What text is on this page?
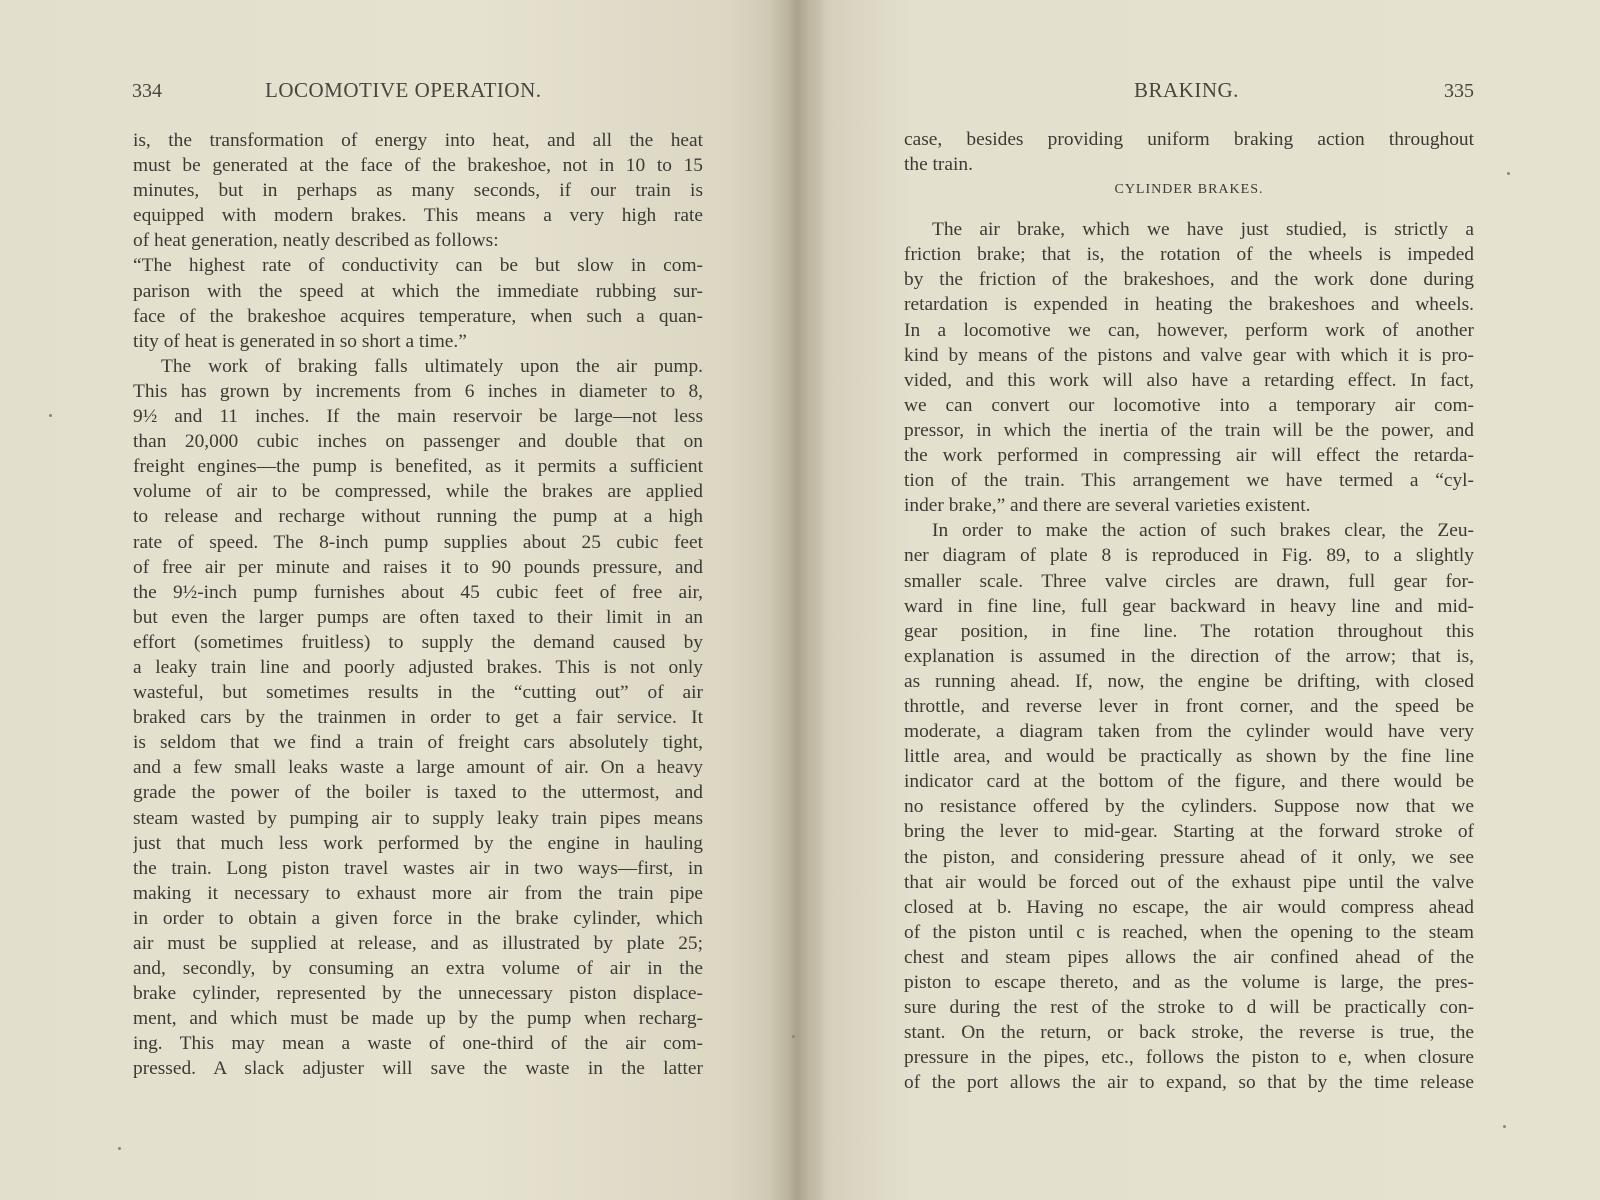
334	LOCOMOTIVE OPERATION.
is, the transformation of energy into heat, and all the heat
must be generated at the face of the brakeshoe, not in 10 to 15
minutes, but in perhaps as many seconds, if our train is
equipped with modern brakes. This means a very high rate
of heat generation, neatly described as follows:
“The highest rate of conductivity can be but slow in com-
parison with the speed at which the immediate rubbing sur-
face of the brakeshoe acquires temperature, when such a quan-
tity of heat is generated in so short a time.”
The work of braking falls ultimately upon the air pump.
This has grown by increments from 6 inches in diameter to 8,
9½ and 11 inches. If the main reservoir be large—not less
than 20,000 cubic inches on passenger and double that on
freight engines—the pump is benefited, as it permits a sufficient
volume of air to be compressed, while the brakes are applied
to release and recharge without running the pump at a high
rate of speed. The 8-inch pump supplies about 25 cubic feet
of free air per minute and raises it to 90 pounds pressure, and
the 9½-inch pump furnishes about 45 cubic feet of free air,
but even the larger pumps are often taxed to their limit in an
effort (sometimes fruitless) to supply the demand caused by
a leaky train line and poorly adjusted brakes. This is not only
wasteful, but sometimes results in the “cutting out” of air
braked cars by the trainmen in order to get a fair service. It
is seldom that we find a train of freight cars absolutely tight,
and a few small leaks waste a large amount of air. On a heavy
grade the power of the boiler is taxed to the uttermost, and
steam wasted by pumping air to supply leaky train pipes means
just that much less work performed by the engine in hauling
the train. Long piston travel wastes air in two ways—first, in
making it necessary to exhaust more air from the train pipe
in order to obtain a given force in the brake cylinder, which
air must be supplied at release, and as illustrated by plate 25;
and, secondly, by consuming an extra volume of air in the
brake cylinder, represented by the unnecessary piston displace-
ment, and which must be made up by the pump when recharg-
ing. This may mean a waste of one-third of the air com-
pressed. A slack adjuster will save the waste in the latter
BRAKING.	335
case, besides providing uniform braking action throughout
the train.
CYLINDER BRAKES.
The air brake, which we have just studied, is strictly a
friction brake; that is, the rotation of the wheels is impeded
by the friction of the brakeshoes, and the work done during
retardation is expended in heating the brakeshoes and wheels.
In a locomotive we can, however, perform work of another
kind by means of the pistons and valve gear with which it is pro-
vided, and this work will also have a retarding effect. In fact,
we can convert our locomotive into a temporary air com-
pressor, in which the inertia of the train will be the power, and
the work performed in compressing air will effect the retarda-
tion of the train. This arrangement we have termed a “cyl-
inder brake,” and there are several varieties existent.
In order to make the action of such brakes clear, the Zeu-
ner diagram of plate 8 is reproduced in Fig. 89, to a slightly
smaller scale. Three valve circles are drawn, full gear for-
ward in fine line, full gear backward in heavy line and mid-
gear position, in fine line. The rotation throughout this
explanation is assumed in the direction of the arrow; that is,
as running ahead. If, now, the engine be drifting, with closed
throttle, and reverse lever in front corner, and the speed be
moderate, a diagram taken from the cylinder would have very
little area, and would be practically as shown by the fine line
indicator card at the bottom of the figure, and there would be
no resistance offered by the cylinders. Suppose now that we
bring the lever to mid-gear. Starting at the forward stroke of
the piston, and considering pressure ahead of it only, we see
that air would be forced out of the exhaust pipe until the valve
closed at b. Having no escape, the air would compress ahead
of the piston until c is reached, when the opening to the steam
chest and steam pipes allows the air confined ahead of the
piston to escape thereto, and as the volume is large, the pres-
sure during the rest of the stroke to d will be practically con-
stant. On the return, or back stroke, the reverse is true, the
pressure in the pipes, etc., follows the piston to e, when closure
of the port allows the air to expand, so that by the time release
